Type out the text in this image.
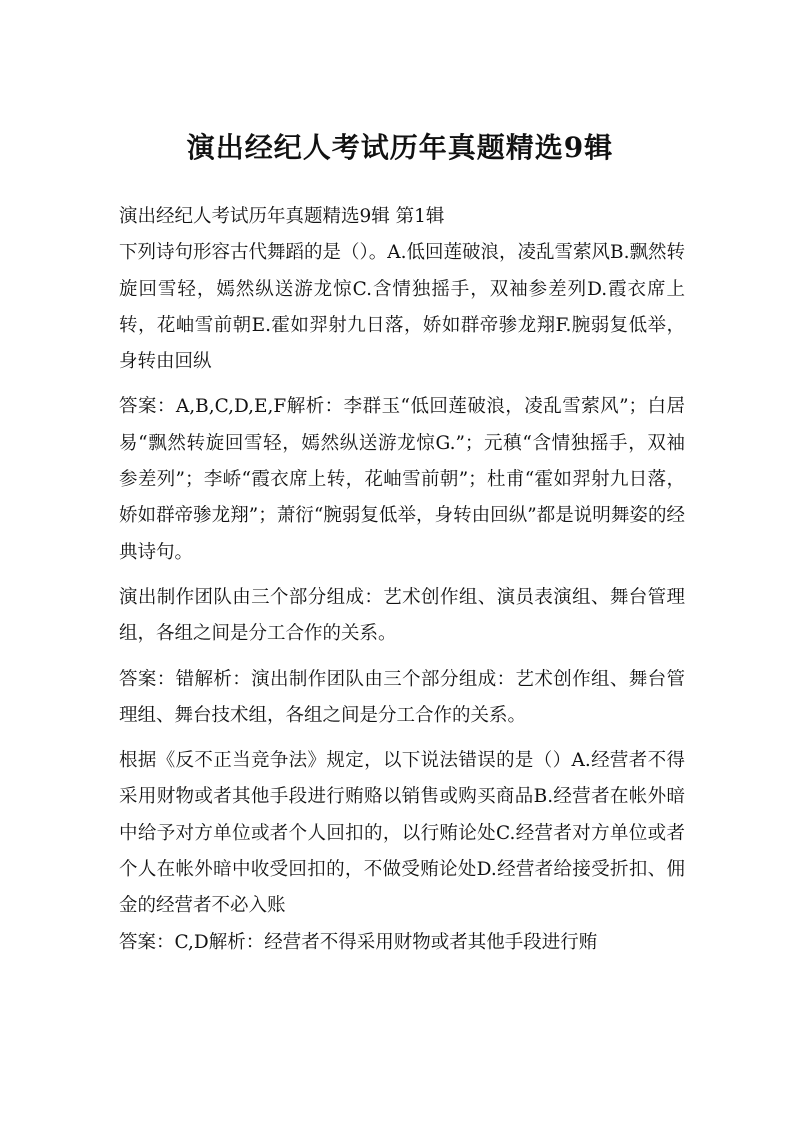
演出经纪人考试历年真题精选9辑

演出经纪人考试历年真题精选9辑 第1辑

下列诗句形容古代舞蹈的是（）。A.低回莲破浪，凌乱雪萦风B.飘然转旋回雪轻，嫣然纵送游龙惊C.含情独摇手，双袖参差列D.霞衣席上转，花岫雪前朝E.霍如羿射九日落，娇如群帝骖龙翔F.腕弱复低举，身转由回纵

答案：A,B,C,D,E,F解析：李群玉“低回莲破浪，凌乱雪萦风”；白居易“飘然转旋回雪轻，嫣然纵送游龙惊G.”；元稹“含情独摇手，双袖参差列”；李峤“霞衣席上转，花岫雪前朝”；杜甫“霍如羿射九日落，娇如群帝骖龙翔”；萧衍“腕弱复低举，身转由回纵”都是说明舞姿的经典诗句。

演出制作团队由三个部分组成：艺术创作组、演员表演组、舞台管理组，各组之间是分工合作的关系。

答案：错解析：演出制作团队由三个部分组成：艺术创作组、舞台管理组、舞台技术组，各组之间是分工合作的关系。

根据《反不正当竞争法》规定，以下说法错误的是（）A.经营者不得采用财物或者其他手段进行贿赂以销售或购买商品B.经营者在帐外暗中给予对方单位或者个人回扣的，以行贿论处C.经营者对方单位或者个人在帐外暗中收受回扣的，不做受贿论处D.经营者给接受折扣、佣金的经营者不必入账

答案：C,D解析：经营者不得采用财物或者其他手段进行贿
